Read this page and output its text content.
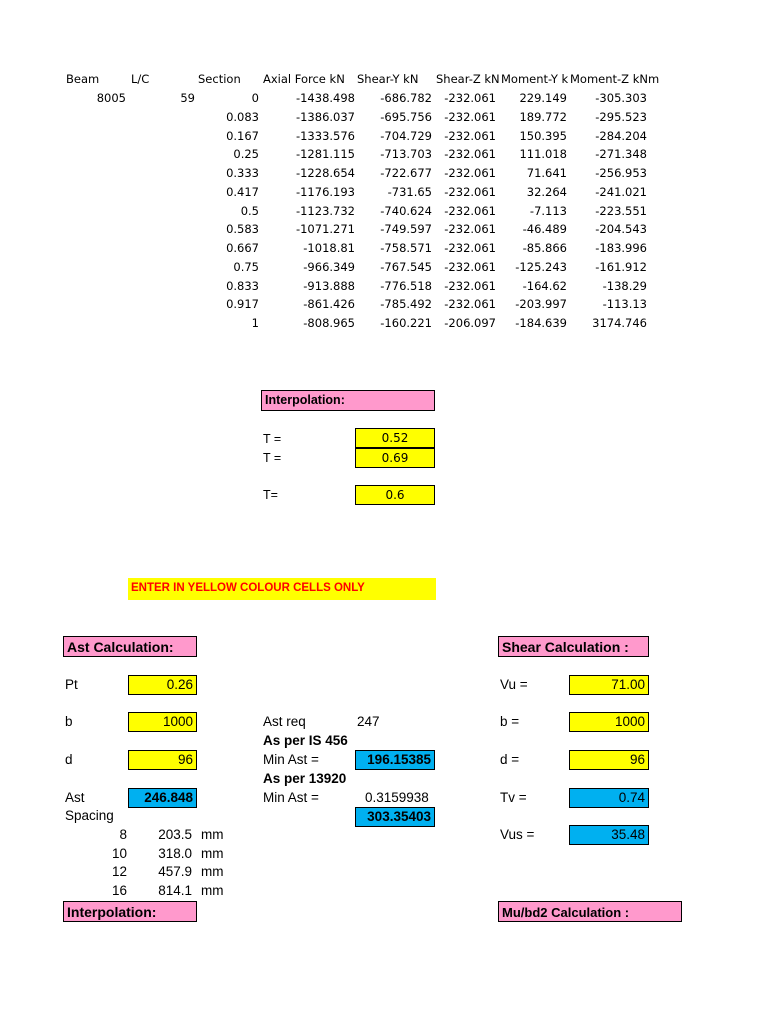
Beam	L/C	Section Axial Force kN Shear-Y kN Shear-Z kN Moment-Y k Moment-Z kNm
8005	59	0	-1438.498 -686.782 -232.061 229.149 -305.303
0.083	-1386.037 -695.756 -232.061 189.772 -295.523
0.167	-1333.576 -704.729 -232.061 150.395 -284.204
0.25	-1281.115 -713.703 -232.061 111.018 -271.348
0.333	-1228.654 -722.677 -232.061	71.641 -256.953
0.417	-1176.193	-731.65 -232.061	32.264 -241.021
0.5	-1123.732 -740.624 -232.061	-7.113 -223.551
0.583	-1071.271 -749.597 -232.061 -46.489 -204.543
0.667	-1018.81 -758.571 -232.061 -85.866 -183.996
0.75	-966.349 -767.545 -232.061 -125.243 -161.912
0.833	-913.888 -776.518 -232.061 -164.62	-138.29
0.917	-861.426 -785.492 -232.061 -203.997	-113.13
1	-808.965 -160.221 -206.097 -184.639 3174.746
Interpolation:
T =	0.52
T =	0.69
T=	0.6
ENTER IN YELLOW COLOUR CELLS ONLY
Ast Calculation:
Pt	0.26
b	1000
d	96
Ast	246.848
Spacing
8	203.5 mm
10	318.0 mm
12	457.9 mm
16	814.1 mm
Ast req	247
As per IS 456
Min Ast =	196.15385
As per 13920
Min Ast =	0.3159938
303.35403
Shear Calculation :
Vu =	71.00
b =	1000
d =	96
Tv =	0.74
Vus =	35.48
Interpolation:	Mu/bd2 Calculation :
